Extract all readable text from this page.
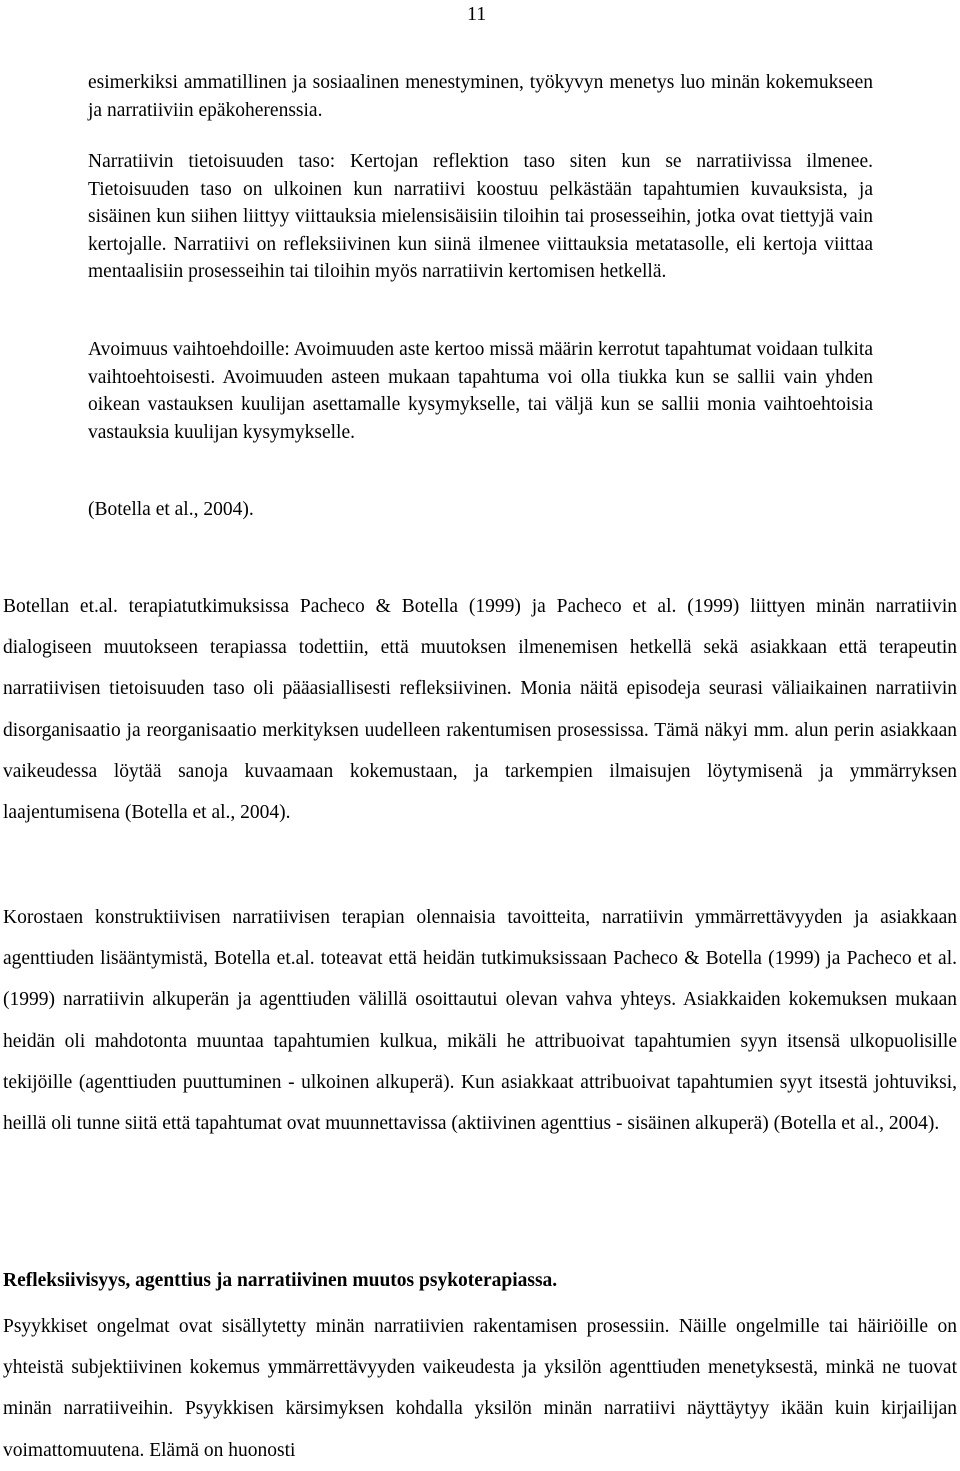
11

esimerkiksi ammatillinen ja sosiaalinen menestyminen, työkyvyn menetys luo minän kokemukseen ja narratiiviin epäkoherenssia.

Narratiivin tietoisuuden taso: Kertojan reflektion taso siten kun se narratiivissa ilmenee. Tietoisuuden taso on ulkoinen kun narratiivi koostuu pelkästään tapahtumien kuvauksista, ja sisäinen kun siihen liittyy viittauksia mielensisäisiin tiloihin tai prosesseihin, jotka ovat tiettyjä vain kertojalle. Narratiivi on refleksiivinen kun siinä ilmenee viittauksia metatasolle, eli kertoja viittaa mentaalisiin prosesseihin tai tiloihin myös narratiivin kertomisen hetkellä.

Avoimuus vaihtoehdoille: Avoimuuden aste kertoo missä määrin kerrotut tapahtumat voidaan tulkita vaihtoehtoisesti. Avoimuuden asteen mukaan tapahtuma voi olla tiukka kun se sallii vain yhden oikean vastauksen kuulijan asettamalle kysymykselle, tai väljä kun se sallii monia vaihtoehtoisia vastauksia kuulijan kysymykselle.

(Botella et al., 2004).

Botellan et.al. terapiatutkimuksissa Pacheco & Botella (1999) ja Pacheco et al. (1999) liittyen minän narratiivin dialogiseen muutokseen terapiassa todettiin, että muutoksen ilmenemisen hetkellä sekä asiakkaan että terapeutin narratiivisen tietoisuuden taso oli pääasiallisesti refleksiivinen. Monia näitä episodeja seurasi väliaikainen narratiivin disorganisaatio ja reorganisaatio merkityksen uudelleen rakentumisen prosessissa. Tämä näkyi mm. alun perin asiakkaan vaikeudessa löytää sanoja kuvaamaan kokemustaan, ja tarkempien ilmaisujen löytymisenä ja ymmärryksen laajentumisena (Botella et al., 2004).

Korostaen konstruktiivisen narratiivisen terapian olennaisia tavoitteita, narratiivin ymmärrettävyyden ja asiakkaan agenttiuden lisääntymistä, Botella et.al. toteavat että heidän tutkimuksissaan Pacheco & Botella (1999) ja Pacheco et al. (1999) narratiivin alkuperän ja agenttiuden välillä osoittautui olevan vahva yhteys. Asiakkaiden kokemuksen mukaan heidän oli mahdotonta muuntaa tapahtumien kulkua, mikäli he attribuoivat tapahtumien syyn itsensä ulkopuolisille tekijöille (agenttiuden puuttuminen - ulkoinen alkuperä). Kun asiakkaat attribuoivat tapahtumien syyt itsestä johtuviksi, heillä oli tunne siitä että tapahtumat ovat muunnettavissa (aktiivinen agenttius - sisäinen alkuperä) (Botella et al., 2004).

Refleksiivisyys, agenttius ja narratiivinen muutos psykoterapiassa.

Psyykkiset ongelmat ovat sisällytetty minän narratiivien rakentamisen prosessiin. Näille ongelmille tai häiriöille on yhteistä subjektiivinen kokemus ymmärrettävyyden vaikeudesta ja yksilön agenttiuden menetyksestä, minkä ne tuovat minän narratiiveihin. Psyykkisen kärsimyksen kohdalla yksilön minän narratiivi näyttäytyy ikään kuin kirjailijan voimattomuutena. Elämä on huonosti
